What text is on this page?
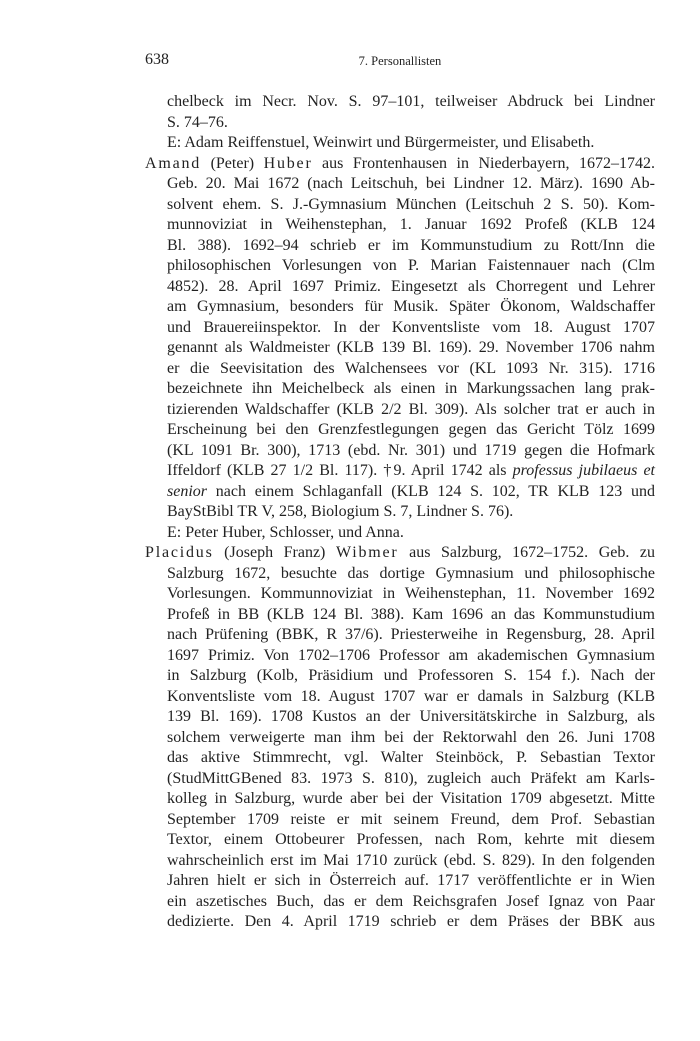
638	7. Personallisten
chelbeck im Necr. Nov. S. 97–101, teilweiser Abdruck bei Lindner
S. 74–76.
E: Adam Reiffenstuel, Weinwirt und Bürgermeister, und Elisabeth.
Amand (Peter) Huber aus Frontenhausen in Niederbayern, 1672–1742.
Geb. 20. Mai 1672 (nach Leitschuh, bei Lindner 12. März). 1690 Ab-
solvent ehem. S. J.-Gymnasium München (Leitschuh 2 S. 50). Kom-
munnoviziat in Weihenstephan, 1. Januar 1692 Profeß (KLB 124
Bl. 388). 1692–94 schrieb er im Kommunstudium zu Rott/Inn die
philosophischen Vorlesungen von P. Marian Faistennauer nach (Clm
4852). 28. April 1697 Primiz. Eingesetzt als Chorregent und Lehrer
am Gymnasium, besonders für Musik. Später Ökonom, Waldschaffer
und Brauereiinspektor. In der Konventsliste vom 18. August 1707
genannt als Waldmeister (KLB 139 Bl. 169). 29. November 1706 nahm
er die Seevisitation des Walchensees vor (KL 1093 Nr. 315). 1716
bezeichnete ihn Meichelbeck als einen in Markungssachen lang prak-
tizierenden Waldschaffer (KLB 2/2 Bl. 309). Als solcher trat er auch in
Erscheinung bei den Grenzfestlegungen gegen das Gericht Tölz 1699
(KL 1091 Br. 300), 1713 (ebd. Nr. 301) und 1719 gegen die Hofmark
Iffeldorf (KLB 27 1/2 Bl. 117). †9. April 1742 als professus jubilaeus et
senior nach einem Schlaganfall (KLB 124 S. 102, TR KLB 123 und
BayStBibl TR V, 258, Biologium S. 7, Lindner S. 76).
E: Peter Huber, Schlosser, und Anna.
Placidus (Joseph Franz) Wibmer aus Salzburg, 1672–1752. Geb. zu
Salzburg 1672, besuchte das dortige Gymnasium und philosophische
Vorlesungen. Kommunnoviziat in Weihenstephan, 11. November 1692
Profeß in BB (KLB 124 Bl. 388). Kam 1696 an das Kommunstudium
nach Prüfening (BBK, R 37/6). Priesterweihe in Regensburg, 28. April
1697 Primiz. Von 1702–1706 Professor am akademischen Gymnasium
in Salzburg (Kolb, Präsidium und Professoren S. 154 f.). Nach der
Konventsliste vom 18. August 1707 war er damals in Salzburg (KLB
139 Bl. 169). 1708 Kustos an der Universitätskirche in Salzburg, als
solchem verweigerte man ihm bei der Rektorwahl den 26. Juni 1708
das aktive Stimmrecht, vgl. Walter Steinböck, P. Sebastian Textor
(StudMittGBened 83. 1973 S. 810), zugleich auch Präfekt am Karls-
kolleg in Salzburg, wurde aber bei der Visitation 1709 abgesetzt. Mitte
September 1709 reiste er mit seinem Freund, dem Prof. Sebastian
Textor, einem Ottobeurer Professen, nach Rom, kehrte mit diesem
wahrscheinlich erst im Mai 1710 zurück (ebd. S. 829). In den folgenden
Jahren hielt er sich in Österreich auf. 1717 veröffentlichte er in Wien
ein aszetisches Buch, das er dem Reichsgrafen Josef Ignaz von Paar
dedizierte. Den 4. April 1719 schrieb er dem Präses der BBK aus
